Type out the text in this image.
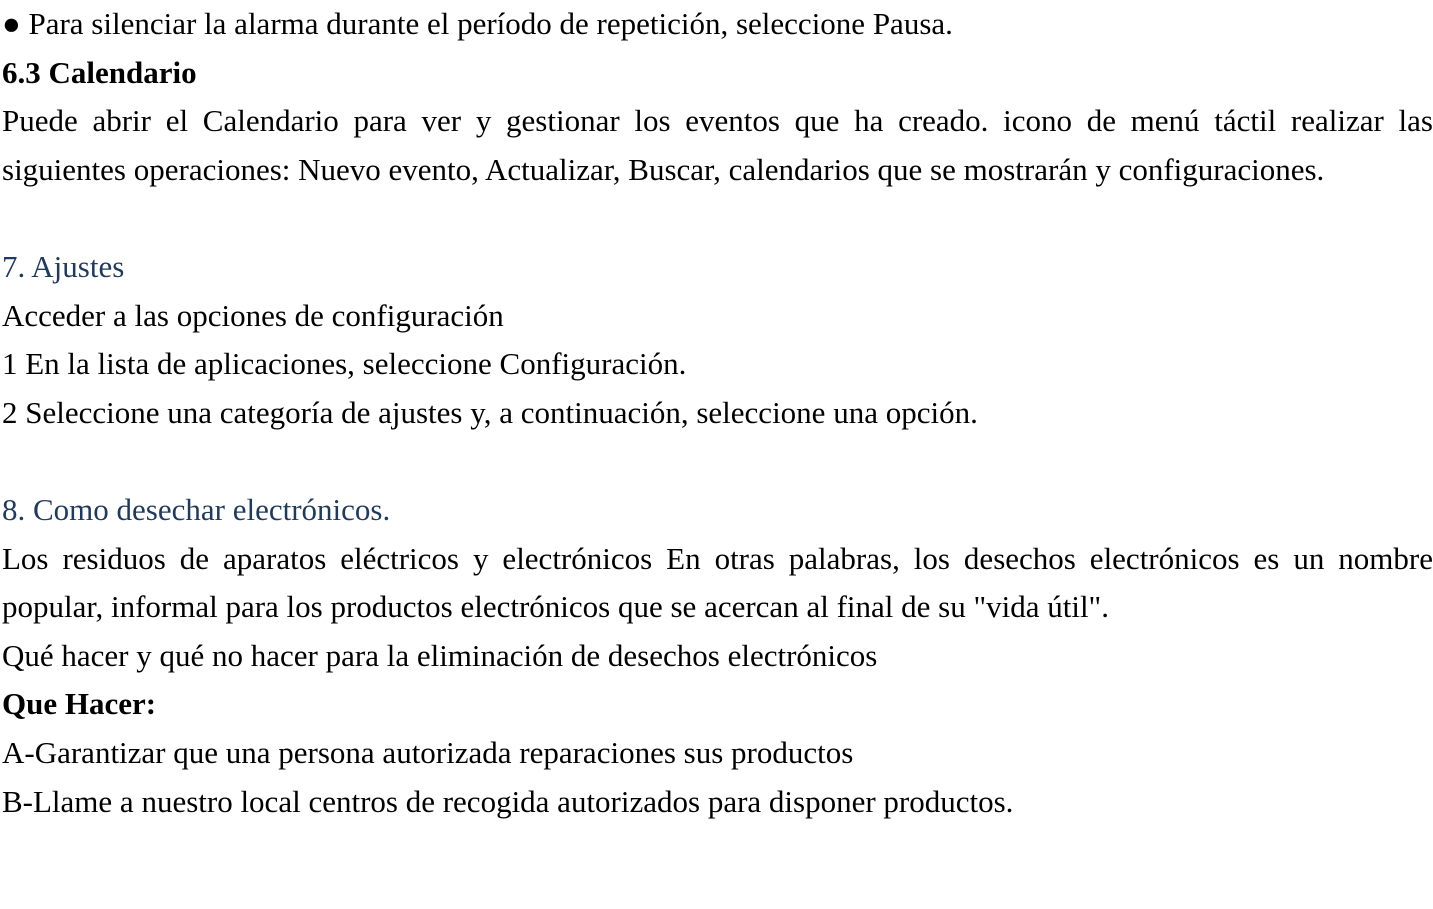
● Para silenciar la alarma durante el período de repetición, seleccione Pausa.
6.3 Calendario

Puede abrir el Calendario para ver y gestionar los eventos que ha creado. icono de menú táctil realizar las siguientes operaciones: Nuevo evento, Actualizar, Buscar, calendarios que se mostrarán y configuraciones.

7. Ajustes
Acceder a las opciones de configuración
1 En la lista de aplicaciones, seleccione Configuración.
2 Seleccione una categoría de ajustes y, a continuación, seleccione una opción.
8. Como desechar electrónicos.

Los residuos de aparatos eléctricos y electrónicos En otras palabras, los desechos electrónicos es un nombre popular, informal para los productos electrónicos que se acercan al final de su "vida útil".

Qué hacer y qué no hacer para la eliminación de desechos electrónicos
Que Hacer:
A-Garantizar que una persona autorizada reparaciones sus productos
B-Llame a nuestro local centros de recogida autorizados para disponer productos.
